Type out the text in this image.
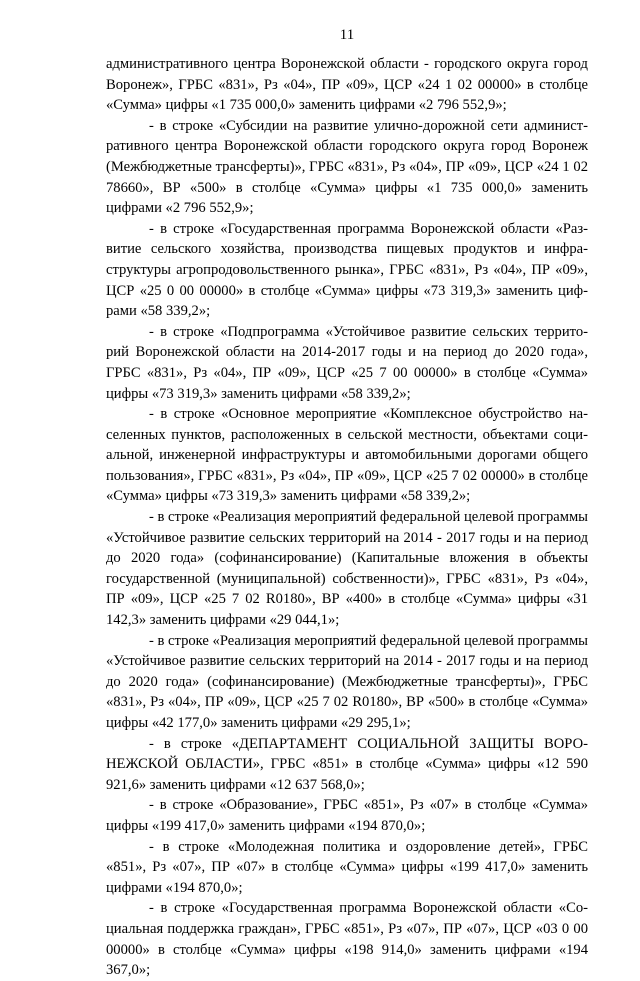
11

административного центра Воронежской области - городского округа город Воронеж», ГРБС «831», Рз «04», ПР «09», ЦСР «24 1 02 00000» в столбце «Сумма» цифры «1 735 000,0» заменить цифрами «2 796 552,9»;

- в строке «Субсидии на развитие улично-дорожной сети административного центра Воронежской области городского округа город Воронеж (Межбюджетные трансферты)», ГРБС «831», Рз «04», ПР «09», ЦСР «24 1 02 78660», ВР «500» в столбце «Сумма» цифры «1 735 000,0» заменить цифрами «2 796 552,9»;

- в строке «Государственная программа Воронежской области «Развитие сельского хозяйства, производства пищевых продуктов и инфраструктуры агропродовольственного рынка», ГРБС «831», Рз «04», ПР «09», ЦСР «25 0 00 00000» в столбце «Сумма» цифры «73 319,3» заменить цифрами «58 339,2»;

- в строке «Подпрограмма «Устойчивое развитие сельских территорий Воронежской области на 2014-2017 годы и на период до 2020 года», ГРБС «831», Рз «04», ПР «09», ЦСР «25 7 00 00000» в столбце «Сумма» цифры «73 319,3» заменить цифрами «58 339,2»;

- в строке «Основное мероприятие «Комплексное обустройство населенных пунктов, расположенных в сельской местности, объектами социальной, инженерной инфраструктуры и автомобильными дорогами общего пользования», ГРБС «831», Рз «04», ПР «09», ЦСР «25 7 02 00000» в столбце «Сумма» цифры «73 319,3» заменить цифрами «58 339,2»;

- в строке «Реализация мероприятий федеральной целевой программы «Устойчивое развитие сельских территорий на 2014 - 2017 годы и на период до 2020 года» (софинансирование) (Капитальные вложения в объекты государственной (муниципальной) собственности)», ГРБС «831», Рз «04», ПР «09», ЦСР «25 7 02 R0180», ВР «400» в столбце «Сумма» цифры «31 142,3» заменить цифрами «29 044,1»;

- в строке «Реализация мероприятий федеральной целевой программы «Устойчивое развитие сельских территорий на 2014 - 2017 годы и на период до 2020 года» (софинансирование) (Межбюджетные трансферты)», ГРБС «831», Рз «04», ПР «09», ЦСР «25 7 02 R0180», ВР «500» в столбце «Сумма» цифры «42 177,0» заменить цифрами «29 295,1»;

- в строке «ДЕПАРТАМЕНТ СОЦИАЛЬНОЙ ЗАЩИТЫ ВОРОНЕЖСКОЙ ОБЛАСТИ», ГРБС «851» в столбце «Сумма» цифры «12 590 921,6» заменить цифрами «12 637 568,0»;

- в строке «Образование», ГРБС «851», Рз «07» в столбце «Сумма» цифры «199 417,0» заменить цифрами «194 870,0»;

- в строке «Молодежная политика и оздоровление детей», ГРБС «851», Рз «07», ПР «07» в столбце «Сумма» цифры «199 417,0» заменить цифрами «194 870,0»;

- в строке «Государственная программа Воронежской области «Социальная поддержка граждан», ГРБС «851», Рз «07», ПР «07», ЦСР «03 0 00 00000» в столбце «Сумма» цифры «198 914,0» заменить цифрами «194 367,0»;
